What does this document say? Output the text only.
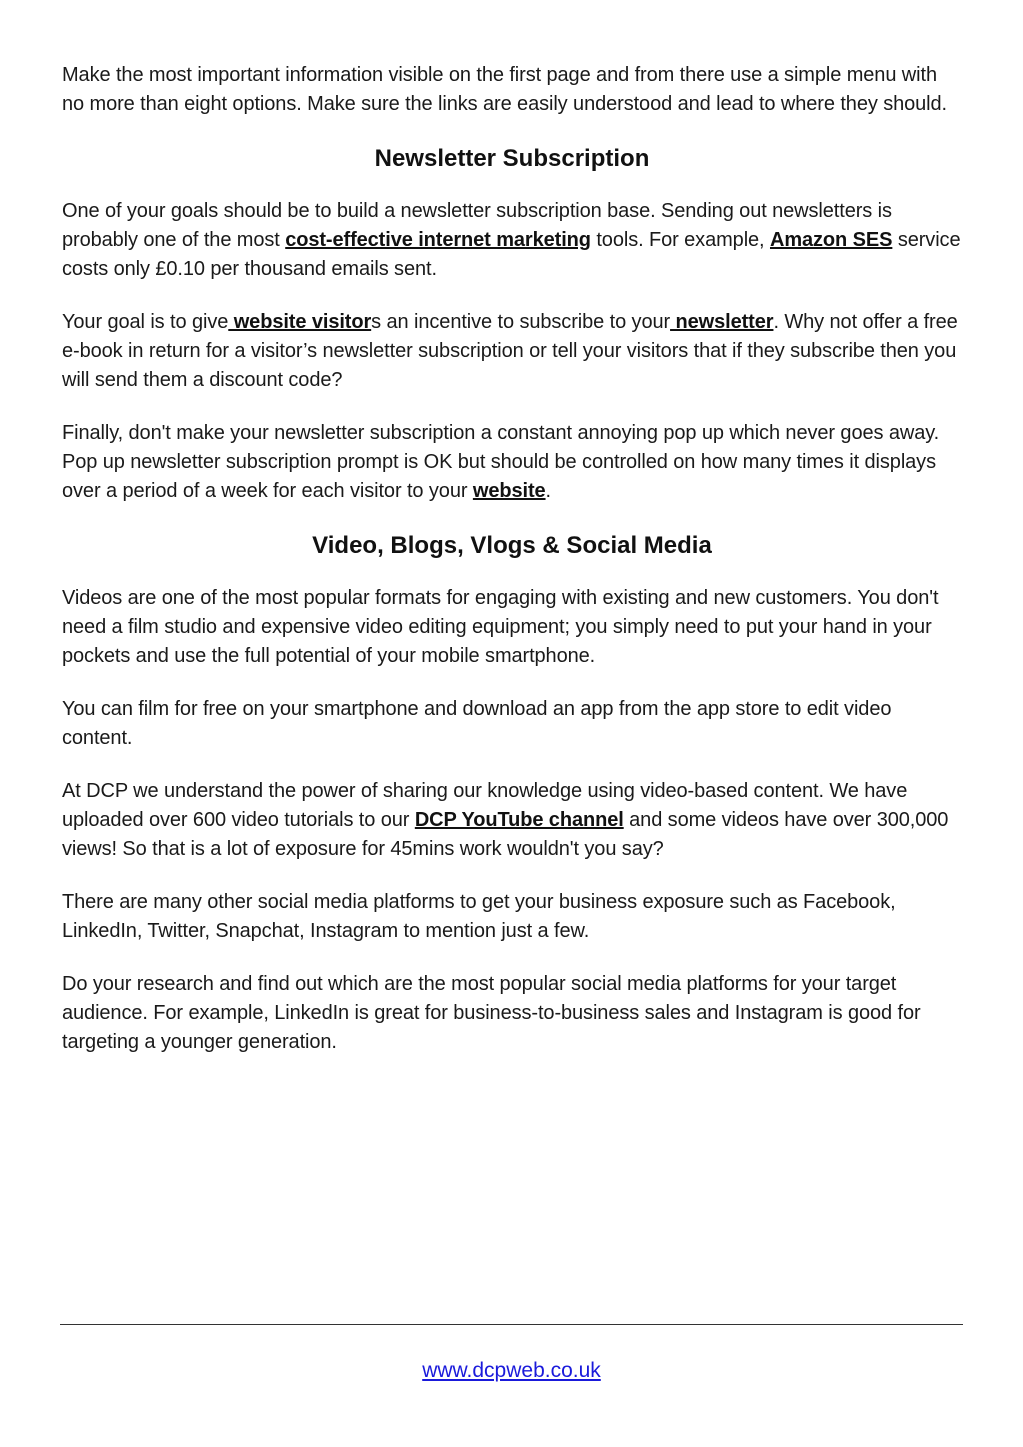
Make the most important information visible on the first page and from there use a simple menu with no more than eight options. Make sure the links are easily understood and lead to where they should.

Newsletter Subscription

One of your goals should be to build a newsletter subscription base. Sending out newsletters is probably one of the most cost-effective internet marketing tools. For example, Amazon SES service costs only £0.10 per thousand emails sent.

Your goal is to give website visitors an incentive to subscribe to your newsletter. Why not offer a free e-book in return for a visitor’s newsletter subscription or tell your visitors that if they subscribe then you will send them a discount code?

Finally, don't make your newsletter subscription a constant annoying pop up which never goes away. Pop up newsletter subscription prompt is OK but should be controlled on how many times it displays over a period of a week for each visitor to your website.

Video, Blogs, Vlogs & Social Media

Videos are one of the most popular formats for engaging with existing and new customers. You don't need a film studio and expensive video editing equipment; you simply need to put your hand in your pockets and use the full potential of your mobile smartphone.

You can film for free on your smartphone and download an app from the app store to edit video content.

At DCP we understand the power of sharing our knowledge using video-based content. We have uploaded over 600 video tutorials to our DCP YouTube channel and some videos have over 300,000 views! So that is a lot of exposure for 45mins work wouldn't you say?

There are many other social media platforms to get your business exposure such as Facebook, LinkedIn, Twitter, Snapchat, Instagram to mention just a few.

Do your research and find out which are the most popular social media platforms for your target audience. For example, LinkedIn is great for business-to-business sales and Instagram is good for targeting a younger generation.

www.dcpweb.co.uk
